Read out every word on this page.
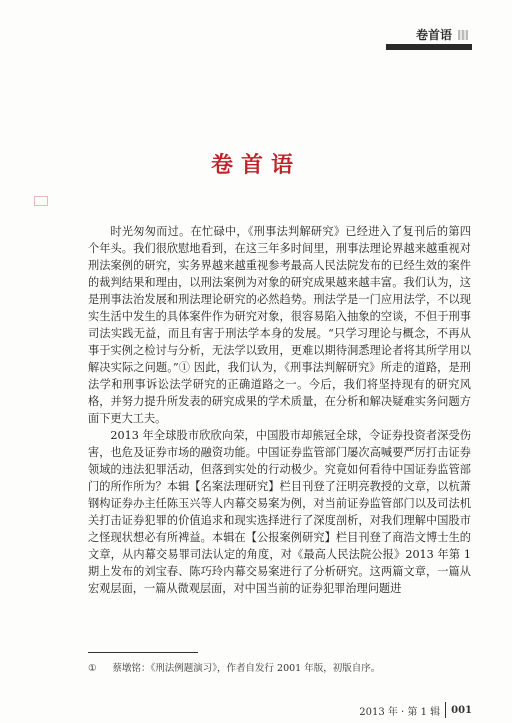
卷首语
卷首语

时光匆匆而过。在忙碌中，《刑事法判解研究》已经进入了复刊后的第四个年头。我们很欣慰地看到，在这三年多时间里，刑事法理论界越来越重视对刑法案例的研究，实务界越来越重视参考最高人民法院发布的已经生效的案件的裁判结果和理由，以刑法案例为对象的研究成果越来越丰富。我们认为，这是刑事法治发展和刑法理论研究的必然趋势。刑法学是一门应用法学，不以现实生活中发生的具体案件作为研究对象，很容易陷入抽象的空谈，不但于刑事司法实践无益，而且有害于刑法学本身的发展。“只学习理论与概念，不再从事于实例之检讨与分析，无法学以致用，更难以期待洞悉理论者将其所学用以解决实际之问题。”① 因此，我们认为，《刑事法判解研究》所走的道路，是刑法学和刑事诉讼法学研究的正确道路之一。今后，我们将坚持现有的研究风格，并努力提升所发表的研究成果的学术质量，在分析和解决疑难实务问题方面下更大工夫。

2013 年全球股市欣欣向荣，中国股市却熊冠全球，令证券投资者深受伤害，也危及证券市场的融资功能。中国证券监管部门屡次高喊要严厉打击证券领域的违法犯罪活动，但落到实处的行动极少。究竟如何看待中国证券监管部门的所作所为？本辑【名案法理研究】栏目刊登了汪明亮教授的文章，以杭萧钢构证券办主任陈玉兴等人内幕交易案为例，对当前证券监管部门以及司法机关打击证券犯罪的价值追求和现实选择进行了深度剖析，对我们理解中国股市之怪现状想必有所裨益。本辑在【公报案例研究】栏目刊登了商浩文博士生的文章，从内幕交易罪司法认定的角度，对《最高人民法院公报》2013 年第 1 期上发布的刘宝春、陈巧玲内幕交易案进行了分析研究。这两篇文章，一篇从宏观层面，一篇从微观层面，对中国当前的证券犯罪治理问题进

① 蔡墩铭：《刑法例题演习》，作者自发行 2001 年版，初版自序。
2013 年 · 第 1 辑 001
